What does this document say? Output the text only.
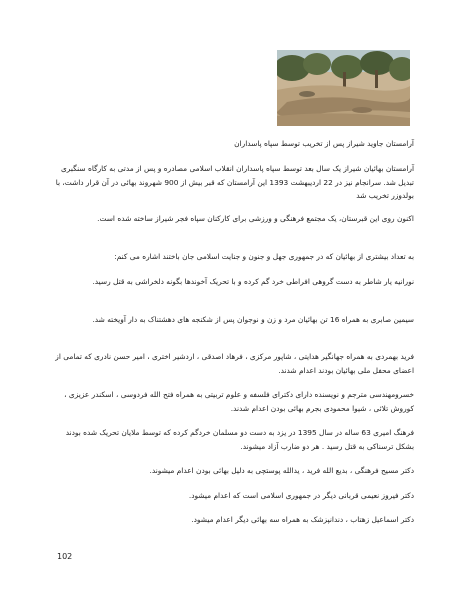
آرامستان جاوید شیراز پس از تخریب توسط سپاه پاسداران

آرامستان بهائیان شیراز یک سال بعد توسط سپاه پاسداران انقلاب اسلامی مصادره و پس از مدتی به کارگاه سنگبری تبدیل شد. سرانجام نیز در 22 اردیبهشت 1393 این آرامستان که قبر بیش از 900 شهروند بهائی در آن قرار داشت، با بولدوزر تخریب شد

اکنون روی این قبرستان، یک مجتمع فرهنگی و ورزشی برای کارکنان سپاه فجر شیراز ساخته شده است.

به تعداد بیشتری از بهائیان که در جمهوری جهل و جنون و جنایت اسلامی جان باختند اشاره می کنم:

نورانیه یار شاطر به دست گروهی افراطی خرد گم کرده و با تحریک آخوندها بگونه دلخراشی به قتل رسید.

سیمین صابری به همراه 16 تن بهائیان مرد و زن و نوجوان پس از شکنجه های دهشتناک به دار آویخته شد.

فرید بهمردی به همراه جهانگیر هدایتی ، شاپور مرکزی ، فرهاد اصدقی ، اردشیر اختری ، امیر حسن نادری که تمامی از اعضای محفل ملی بهائیان بودند اعدام شدند.

خسرومهندسی مترجم و نویسنده دارای دکترای فلسفه و علوم تربیتی به همراه فتح الله فردوسی ، اسکندر عزیزی ، کوروش تلائی ، شیوا محمودی بجرم بهائی بودن اعدام شدند.

فرهنگ امیری 63 ساله در سال 1395 در یزد به دست دو مسلمان خردگم کرده که توسط ملایان تحریک شده بودند بشکل ترسناکی به قتل رسید . هر دو ضارب آزاد میشوند.

دکتر مسیح فرهنگی ، بدیع الله فرید ، یدالله پوستچی به دلیل بهائی بودن اعدام میشوند.

دکتر فیروز نعیمی قربانی دیگر در جمهوری اسلامی است که اعدام میشود.

دکتر اسماعیل زهتاب ، دندانپزشک به همراه سه بهائی دیگر اعدام میشود.

102
